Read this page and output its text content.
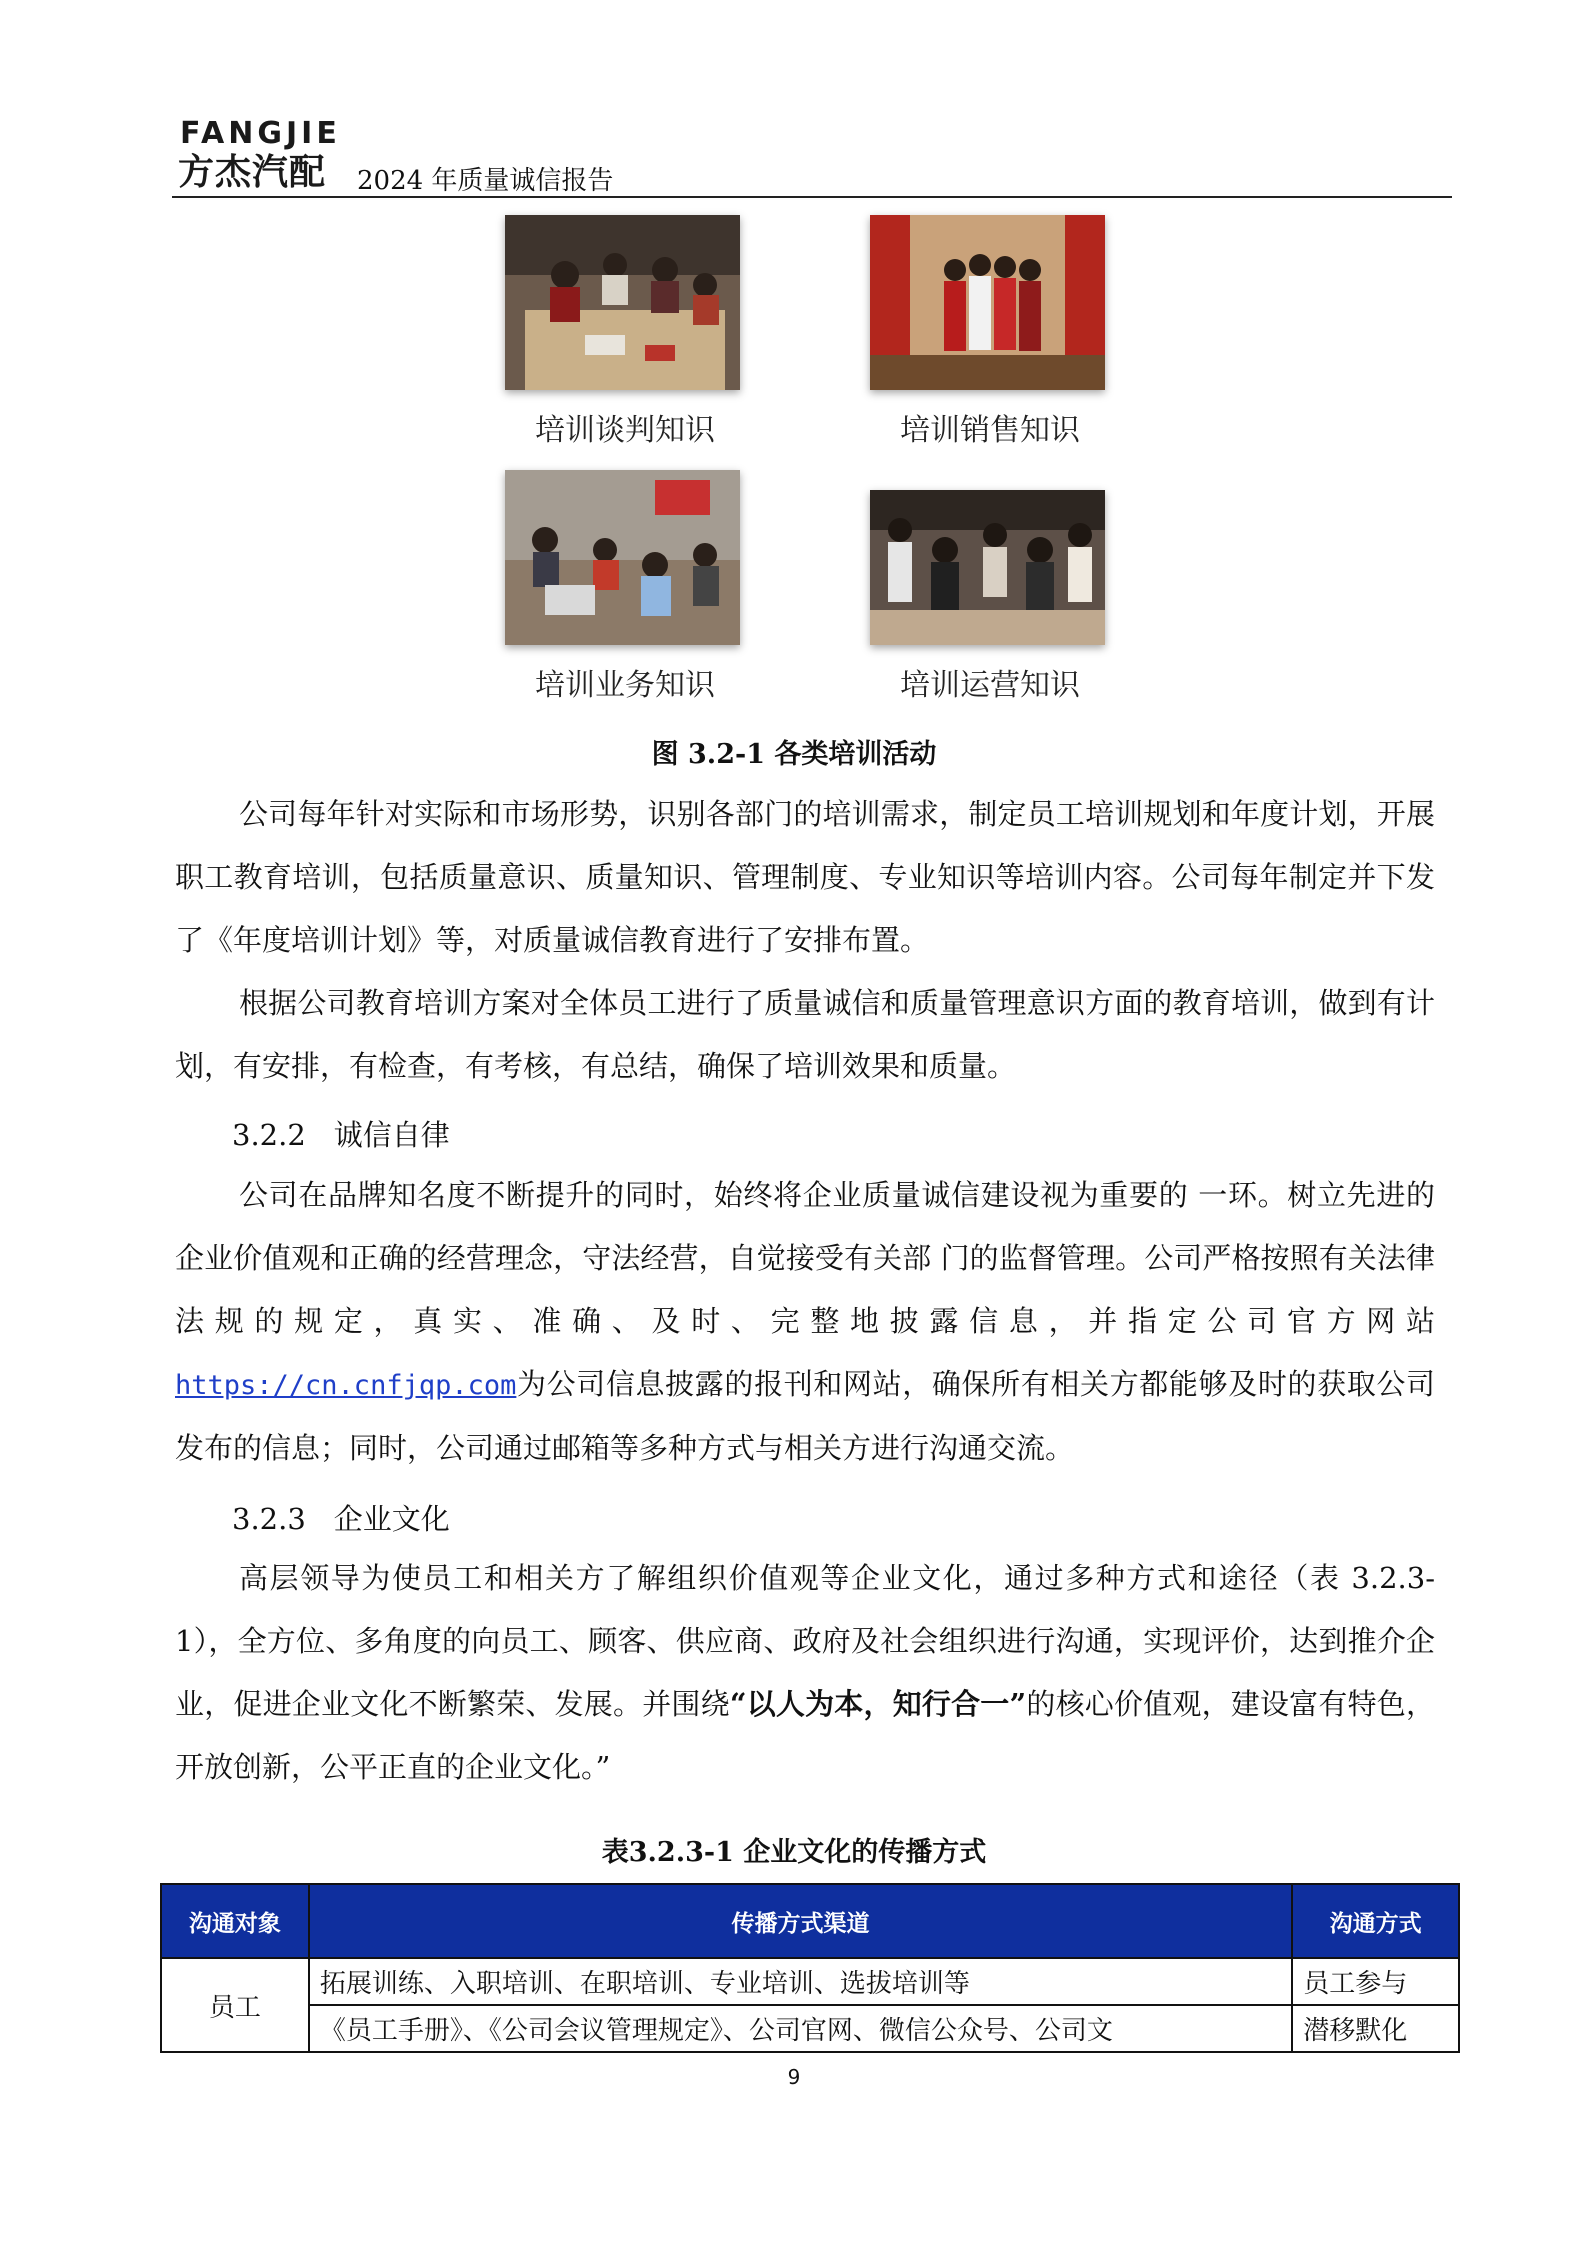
FANGJIE
方杰汽配 2024 年质量诚信报告
培训谈判知识	培训销售知识
培训业务知识	培训运营知识
图 3.2-1 各类培训活动

公司每年针对实际和市场形势，识别各部门的培训需求，制定员工培训规划和年度计划，开展职工教育培训，包括质量意识、质量知识、管理制度、专业知识等培训内容。公司每年制定并下发了《年度培训计划》等，对质量诚信教育进行了安排布置。

根据公司教育培训方案对全体员工进行了质量诚信和质量管理意识方面的教育培训，做到有计划，有安排，有检查，有考核，有总结，确保了培训效果和质量。

3.2.2 诚信自律

公司在品牌知名度不断提升的同时，始终将企业质量诚信建设视为重要的 一环。树立先进的企业价值观和正确的经营理念，守法经营，自觉接受有关部 门的监督管理。公司严格按照有关法律法规的规定，真实、准确、及时、完整地披露信息，并指定公司官方网站https://cn.cnfjqp.com为公司信息披露的报刊和网站，确保所有相关方都能够及时的获取公司发布的信息；同时，公司通过邮箱等多种方式与相关方进行沟通交流。

3.2.3 企业文化

高层领导为使员工和相关方了解组织价值观等企业文化，通过多种方式和途径（表 3.2.3-1），全方位、多角度的向员工、顾客、供应商、政府及社会组织进行沟通，实现评价，达到推介企业，促进企业文化不断繁荣、发展。并围绕“以人为本，知行合一”的核心价值观，建设富有特色，开放创新，公平正直的企业文化。”

表3.2.3-1 企业文化的传播方式
沟通对象	传播方式渠道	沟通方式
员工	拓展训练、入职培训、在职培训、专业培训、选拔培训等	员工参与
	《员工手册》、《公司会议管理规定》、公司官网、微信公众号、公司文	潜移默化
9
